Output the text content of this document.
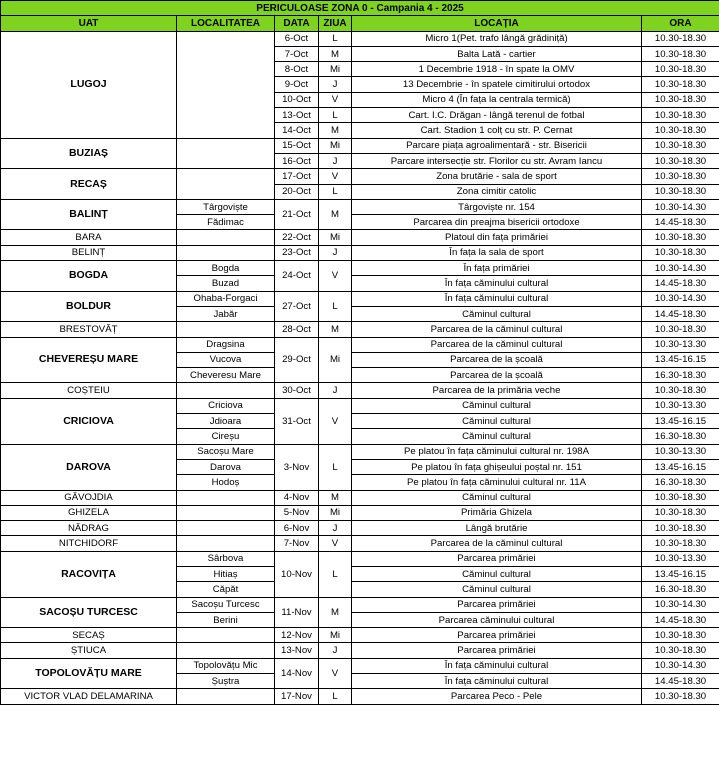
PERICULOASE ZONA 0 - Campania 4 - 2025					
UAT	LOCALITATEA	DATA	ZIUA	LOCAȚIA	ORA
LUGOJ		6-Oct	L	Micro 1(Pet. trafo lângă grădiniță)	10.30-18.30
		7-Oct	M	Balta Lată - cartier	10.30-18.30
		8-Oct	Mi	1 Decembrie 1918 - în spate la OMV	10.30-18.30
		9-Oct	J	13 Decembrie - în spatele cimitirului ortodox	10.30-18.30
		10-Oct	V	Micro 4 (În fața la centrala termică)	10.30-18.30
		13-Oct	L	Cart. I.C. Drăgan - lângă terenul de fotbal	10.30-18.30
		14-Oct	M	Cart. Stadion 1 colț cu str. P. Cernat	10.30-18.30
BUZIAȘ		15-Oct	Mi	Parcare piața agroalimentară - str. Bisericii	10.30-18.30
		16-Oct	J	Parcare intersecție str. Florilor cu str. Avram Iancu	10.30-18.30
RECAȘ		17-Oct	V	Zona brutărie - sala de sport	10.30-18.30
		20-Oct	L	Zona cimitir catolic	10.30-18.30
BALINȚ	Târgoviște	21-Oct	M	Târgoviște nr. 154	10.30-14.30
	Fădimac			Parcarea din preajma bisericii ortodoxe	14.45-18.30
BARA		22-Oct	Mi	Platoul din fața primăriei	10.30-18.30
BELINȚ		23-Oct	J	În fața la sala de sport	10.30-18.30
BOGDA	Bogda	24-Oct	V	În fața primăriei	10.30-14.30
	Buzad			În fața căminului cultural	14.45-18.30
BOLDUR	Ohaba-Forgaci	27-Oct	L	În fața căminului cultural	10.30-14.30
	Jabăr			Căminul cultural	14.45-18.30
BRESTOVĂȚ		28-Oct	M	Parcarea de la căminul cultural	10.30-18.30
CHEVEREȘU MARE	Dragsina	29-Oct	Mi	Parcarea de la căminul cultural	10.30-13.30
	Vucova			Parcarea de la școală	13.45-16.15
	Cheveresu Mare			Parcarea de la școală	16.30-18.30
COȘTEIU		30-Oct	J	Parcarea de la primăria veche	10.30-18.30
CRICIOVA	Criciova	31-Oct	V	Căminul cultural	10.30-13.30
	Jdioara			Căminul cultural	13.45-16.15
	Cireșu			Căminul cultural	16.30-18.30
DAROVA	Sacoșu Mare	3-Nov	L	Pe platou în fața căminului cultural nr. 198A	10.30-13.30
	Darova			Pe platou în fața ghișeului poștal nr. 151	13.45-16.15
	Hodoș			Pe platou în fața căminului cultural nr. 11A	16.30-18.30
GĂVOJDIA		4-Nov	M	Căminul cultural	10.30-18.30
GHIZELA		5-Nov	Mi	Primăria Ghizela	10.30-18.30
NĂDRAG		6-Nov	J	Lângă brutărie	10.30-18.30
NITCHIDORF		7-Nov	V	Parcarea de la căminul cultural	10.30-18.30
RACOVIȚA	Sârbova	10-Nov	L	Parcarea primăriei	10.30-13.30
	Hitiaș			Căminul cultural	13.45-16.15
	Căpăt			Căminul cultural	16.30-18.30
SACOȘU TURCESC	Sacoșu Turcesc	11-Nov	M	Parcarea primăriei	10.30-14.30
	Berini			Parcarea căminului cultural	14.45-18.30
SECAȘ		12-Nov	Mi	Parcarea primăriei	10.30-18.30
ȘTIUCA		13-Nov	J	Parcarea primăriei	10.30-18.30
TOPOLOVĂȚU MARE	Topolovățu Mic	14-Nov	V	În fața căminului cultural	10.30-14.30
	Șuștra			În fața căminului cultural	14.45-18.30
VICTOR VLAD DELAMARINA		17-Nov	L	Parcarea Peco - Pele	10.30-18.30
